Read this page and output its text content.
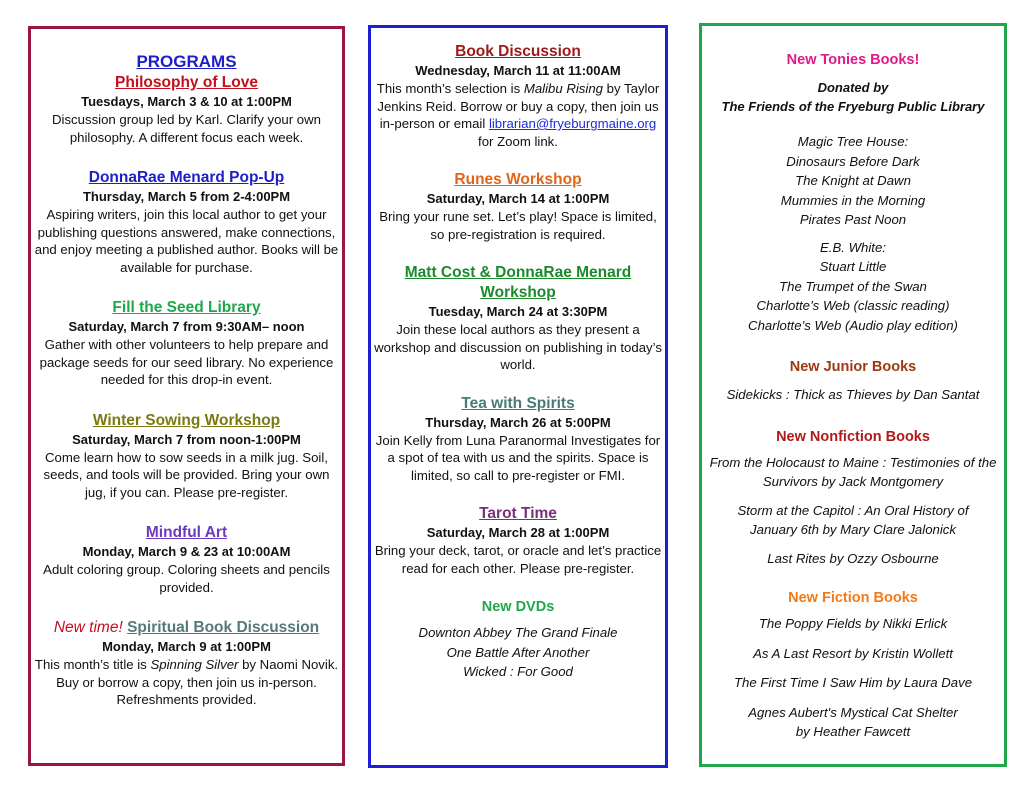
PROGRAMS
Philosophy of Love
Tuesdays, March 3 & 10 at 1:00PM
Discussion group led by Karl. Clarify your own philosophy. A different focus each week.
DonnaRae Menard Pop-Up
Thursday, March 5 from 2-4:00PM
Aspiring writers, join this local author to get your publishing questions answered, make connections, and enjoy meeting a published author. Books will be available for purchase.
Fill the Seed Library
Saturday, March 7 from 9:30AM– noon
Gather with other volunteers to help prepare and package seeds for our seed library. No experience needed for this drop-in event.
Winter Sowing Workshop
Saturday, March 7 from noon-1:00PM
Come learn how to sow seeds in a milk jug. Soil, seeds, and tools will be provided. Bring your own jug, if you can. Please pre-register.
Mindful Art
Monday, March 9 & 23 at 10:00AM
Adult coloring group. Coloring sheets and pencils provided.
New time! Spiritual Book Discussion
Monday, March 9 at 1:00PM
This month’s title is Spinning Silver by Naomi Novik. Buy or borrow a copy, then join us in-person. Refreshments provided.
Book Discussion
Wednesday, March 11 at 11:00AM
This month’s selection is Malibu Rising by Taylor Jenkins Reid. Borrow or buy a copy, then join us in-person or email librarian@fryeburgmaine.org for Zoom link.
Runes Workshop
Saturday, March 14 at 1:00PM
Bring your rune set. Let’s play! Space is limited, so pre-registration is required.
Matt Cost & DonnaRae Menard Workshop
Tuesday, March 24 at 3:30PM
Join these local authors as they present a workshop and discussion on publishing in today’s world.
Tea with Spirits
Thursday, March 26 at 5:00PM
Join Kelly from Luna Paranormal Investigates for a spot of tea with us and the spirits. Space is limited, so call to pre-register or FMI.
Tarot Time
Saturday, March 28 at 1:00PM
Bring your deck, tarot, or oracle and let’s practice read for each other. Please pre-register.
New DVDs
Downton Abbey The Grand Finale
One Battle After Another
Wicked : For Good
New Tonies Books!
Donated by
The Friends of the Fryeburg Public Library
Magic Tree House:
Dinosaurs Before Dark
The Knight at Dawn
Mummies in the Morning
Pirates Past Noon
E.B. White:
Stuart Little
The Trumpet of the Swan
Charlotte’s Web (classic reading)
Charlotte’s Web (Audio play edition)
New Junior Books
Sidekicks : Thick as Thieves by Dan Santat
New Nonfiction Books
From the Holocaust to Maine : Testimonies of the Survivors by Jack Montgomery
Storm at the Capitol : An Oral History of January 6th by Mary Clare Jalonick
Last Rites by Ozzy Osbourne
New Fiction Books
The Poppy Fields by Nikki Erlick
As A Last Resort by Kristin Wollett
The First Time I Saw Him by Laura Dave
Agnes Aubert's Mystical Cat Shelter by Heather Fawcett
